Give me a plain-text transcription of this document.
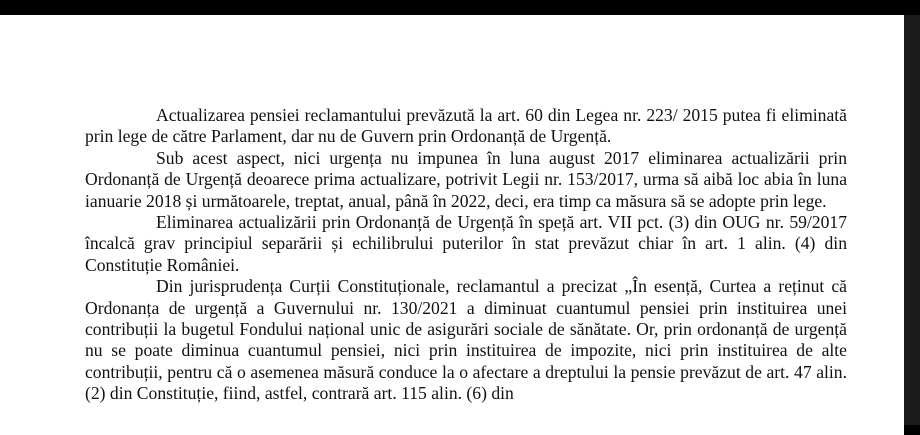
Actualizarea pensiei reclamantului prevăzută la art. 60 din Legea nr. 223/ 2015 putea fi eliminată prin lege de către Parlament, dar nu de Guvern prin Ordonanță de Urgență.

Sub acest aspect, nici urgența nu impunea în luna august 2017 eliminarea actualizării prin Ordonanță de Urgență deoarece prima actualizare, potrivit Legii nr. 153/2017, urma să aibă loc abia în luna ianuarie 2018 și următoarele, treptat, anual, până în 2022, deci, era timp ca măsura să se adopte prin lege.

Eliminarea actualizării prin Ordonanță de Urgență în speță art. VII pct. (3) din OUG nr. 59/2017 încalcă grav principiul separării și echilibrului puterilor în stat prevăzut chiar în art. 1 alin. (4) din Constituție României.

Din jurisprudența Curții Constituționale, reclamantul a precizat „În esență, Curtea a reținut că Ordonanța de urgență a Guvernului nr. 130/2021 a diminuat cuantumul pensiei prin instituirea unei contribuții la bugetul Fondului național unic de asigurări sociale de sănătate. Or, prin ordonanță de urgență nu se poate diminua cuantumul pensiei, nici prin instituirea de impozite, nici prin instituirea de alte contribuții, pentru că o asemenea măsură conduce la o afectare a dreptului la pensie prevăzut de art. 47 alin. (2) din Constituție, fiind, astfel, contrară art. 115 alin. (6) din
